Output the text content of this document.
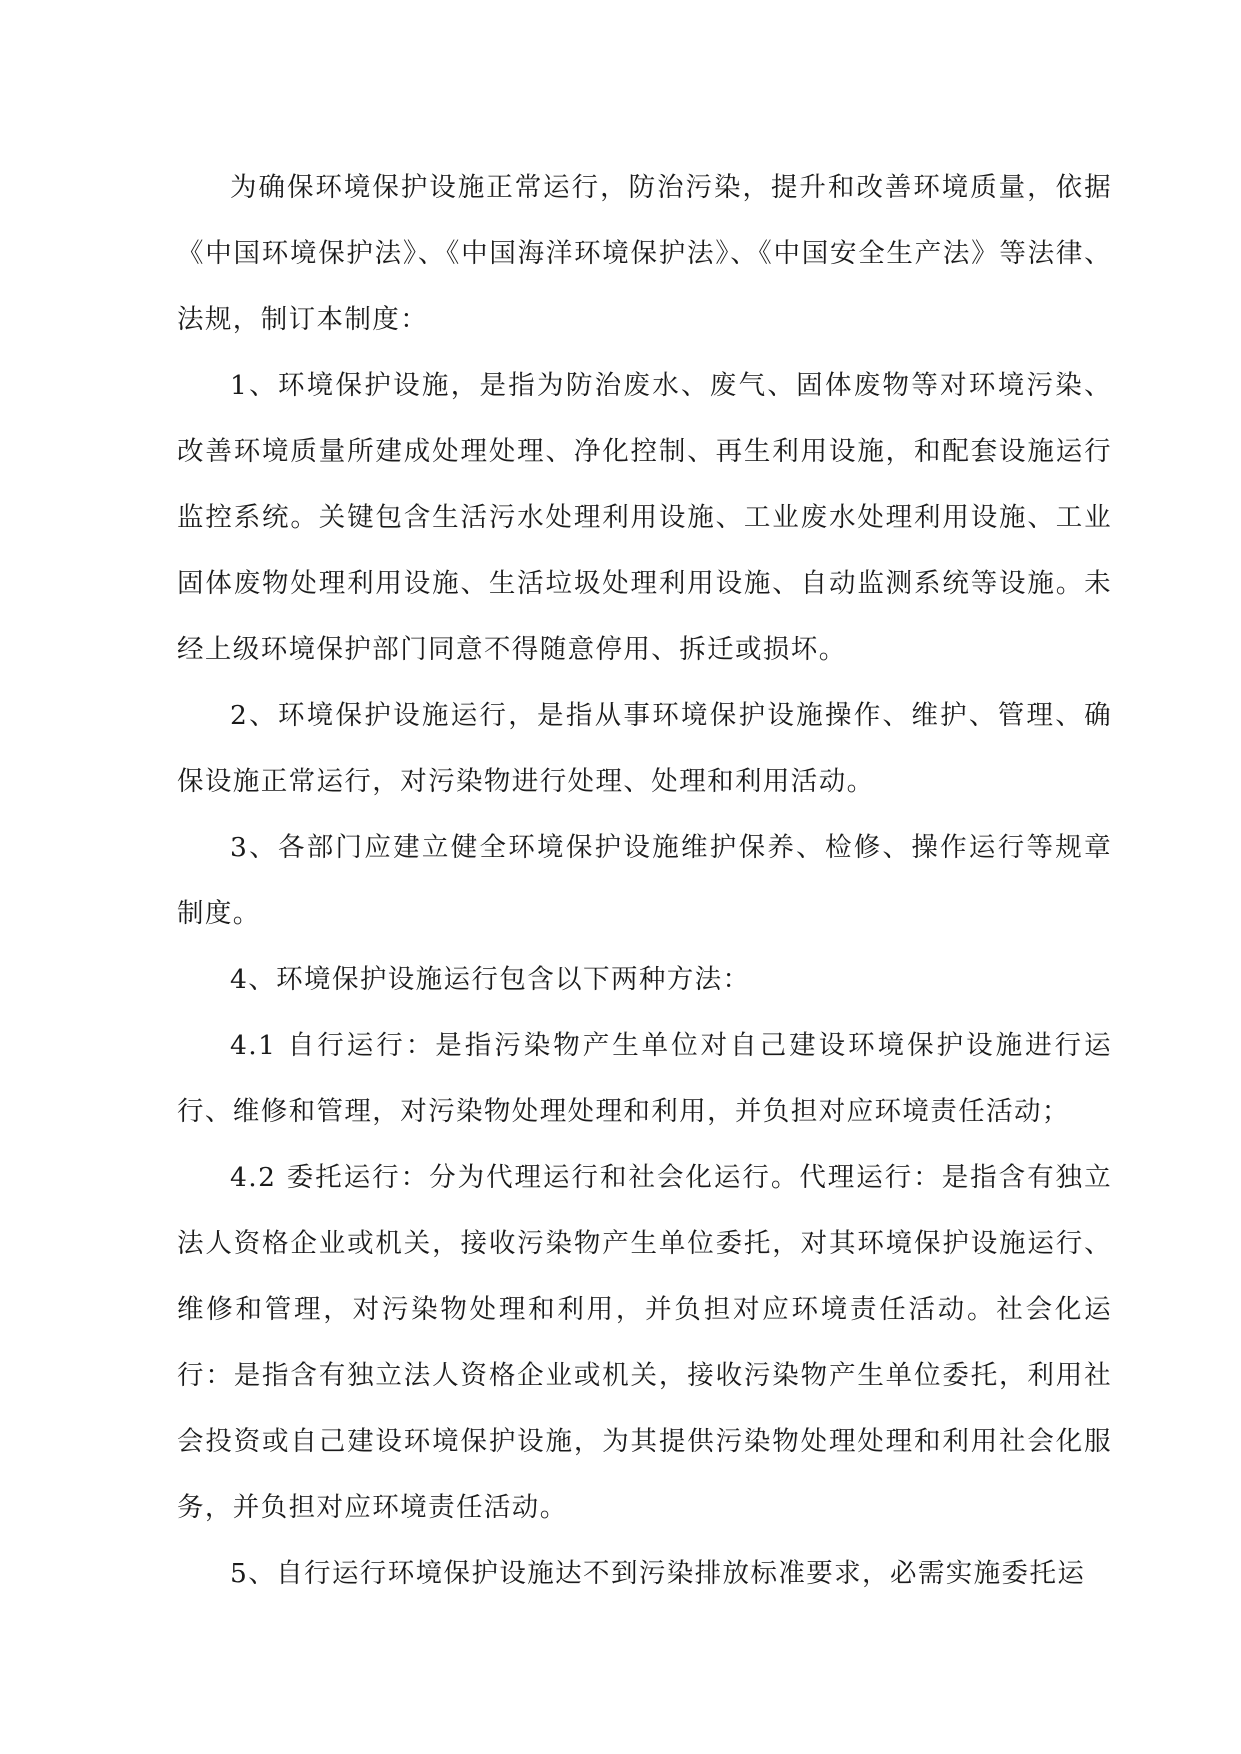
为确保环境保护设施正常运行，防治污染，提升和改善环境质量，依据《中国环境保护法》、《中国海洋环境保护法》、《中国安全生产法》等法律、法规，制订本制度：

1、环境保护设施，是指为防治废水、废气、固体废物等对环境污染、改善环境质量所建成处理处理、净化控制、再生利用设施，和配套设施运行监控系统。关键包含生活污水处理利用设施、工业废水处理利用设施、工业固体废物处理利用设施、生活垃圾处理利用设施、自动监测系统等设施。未经上级环境保护部门同意不得随意停用、拆迁或损坏。

2、环境保护设施运行，是指从事环境保护设施操作、维护、管理、确保设施正常运行，对污染物进行处理、处理和利用活动。

3、各部门应建立健全环境保护设施维护保养、检修、操作运行等规章制度。

4、环境保护设施运行包含以下两种方法：

4.1 自行运行：是指污染物产生单位对自己建设环境保护设施进行运行、维修和管理，对污染物处理处理和利用，并负担对应环境责任活动；

4.2 委托运行：分为代理运行和社会化运行。代理运行：是指含有独立法人资格企业或机关，接收污染物产生单位委托，对其环境保护设施运行、维修和管理，对污染物处理和利用，并负担对应环境责任活动。社会化运行：是指含有独立法人资格企业或机关，接收污染物产生单位委托，利用社会投资或自己建设环境保护设施，为其提供污染物处理处理和利用社会化服务，并负担对应环境责任活动。

5、自行运行环境保护设施达不到污染排放标准要求，必需实施委托运
